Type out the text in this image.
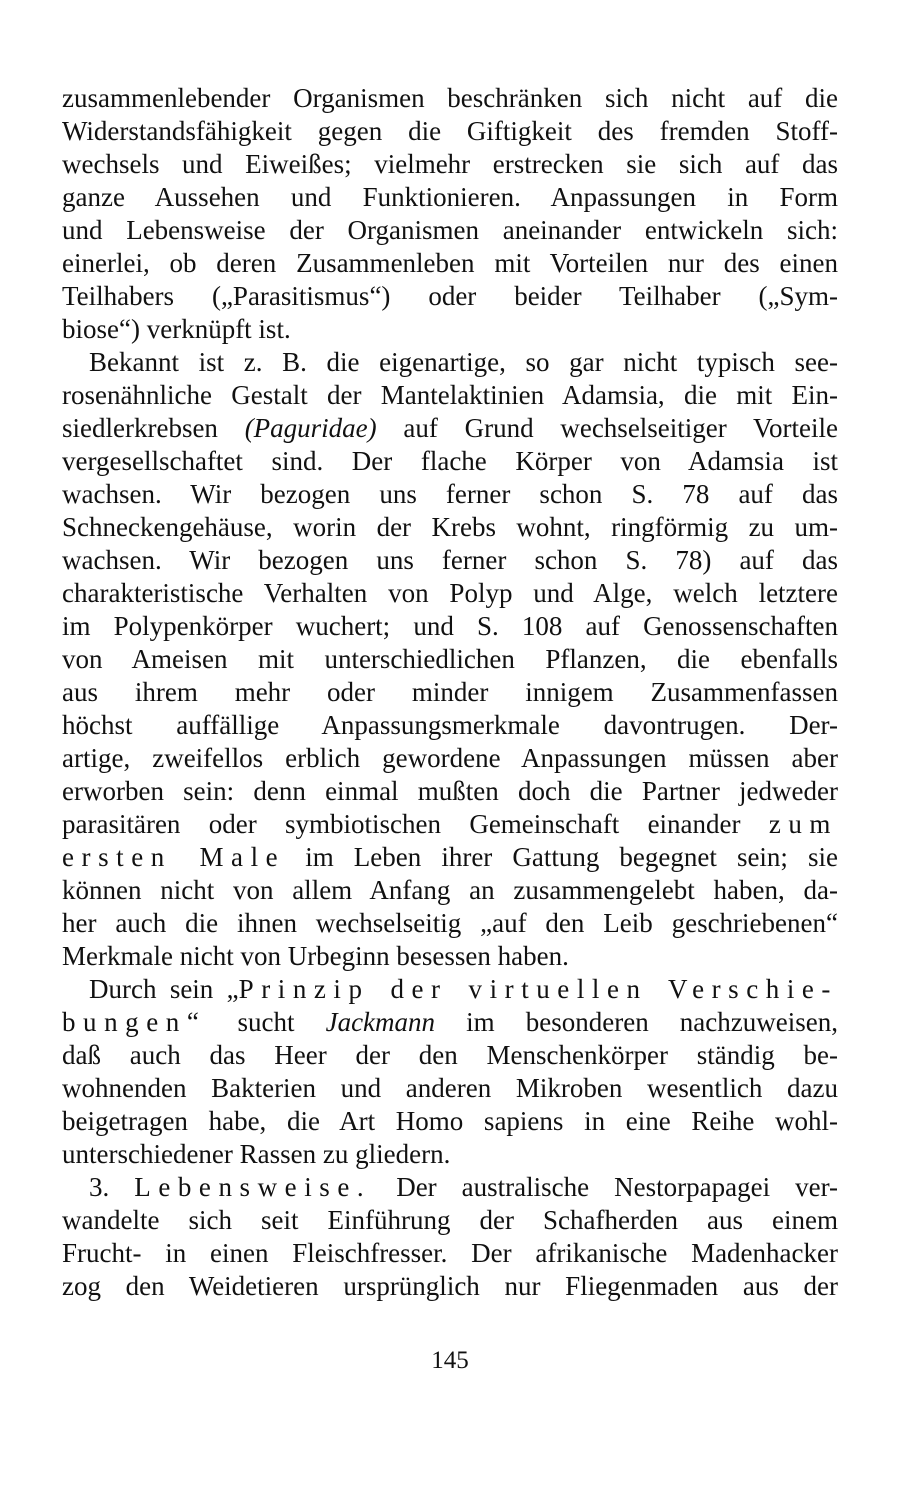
zusammenlebender Organismen beschränken sich nicht auf die
Widerstandsfähigkeit gegen die Giftigkeit des fremden Stoff-
wechsels und Eiweißes; vielmehr erstrecken sie sich auf das
ganze Aussehen und Funktionieren. Anpassungen in Form
und Lebensweise der Organismen aneinander entwickeln sich:
einerlei, ob deren Zusammenleben mit Vorteilen nur des einen
Teilhabers („Parasitismus“) oder beider Teilhaber („Sym-
biose“) verknüpft ist.
Bekannt ist z. B. die eigenartige, so gar nicht typisch see-
rosenähnliche Gestalt der Mantelaktinien Adamsia, die mit Ein-
siedlerkrebsen (Paguridae) auf Grund wechselseitiger Vorteile
vergesellschaftet sind. Der flache Körper von Adamsia ist
wachsen. Wir bezogen uns ferner schon S. 78 auf das
Schneckengehäuse, worin der Krebs wohnt, ringförmig zu um-
wachsen. Wir bezogen uns ferner schon S. 78) auf das
charakteristische Verhalten von Polyp und Alge, welch letztere
im Polypenkörper wuchert; und S. 108 auf Genossenschaften
von Ameisen mit unterschiedlichen Pflanzen, die ebenfalls
aus ihrem mehr oder minder innigem Zusammenfassen
höchst auffällige Anpassungsmerkmale davontrugen. Der-
artige, zweifellos erblich gewordene Anpassungen müssen aber
erworben sein: denn einmal mußten doch die Partner jedweder
parasitären oder symbiotischen Gemeinschaft einander zum
ersten Male im Leben ihrer Gattung begegnet sein; sie
können nicht von allem Anfang an zusammengelebt haben, da-
her auch die ihnen wechselseitig „auf den Leib geschriebenen“
Merkmale nicht von Urbeginn besessen haben.
Durch sein „Prinzip der virtuellen Verschie-
bungen“ sucht Jackmann im besonderen nachzuweisen,
daß auch das Heer der den Menschenkörper ständig be-
wohnenden Bakterien und anderen Mikroben wesentlich dazu
beigetragen habe, die Art Homo sapiens in eine Reihe wohl-
unterschiedener Rassen zu gliedern.
3. Lebensweise. Der australische Nestorpapagei ver-
wandelte sich seit Einführung der Schafherden aus einem
Frucht- in einen Fleischfresser. Der afrikanische Madenhacker
zog den Weidetieren ursprünglich nur Fliegenmaden aus der
145
